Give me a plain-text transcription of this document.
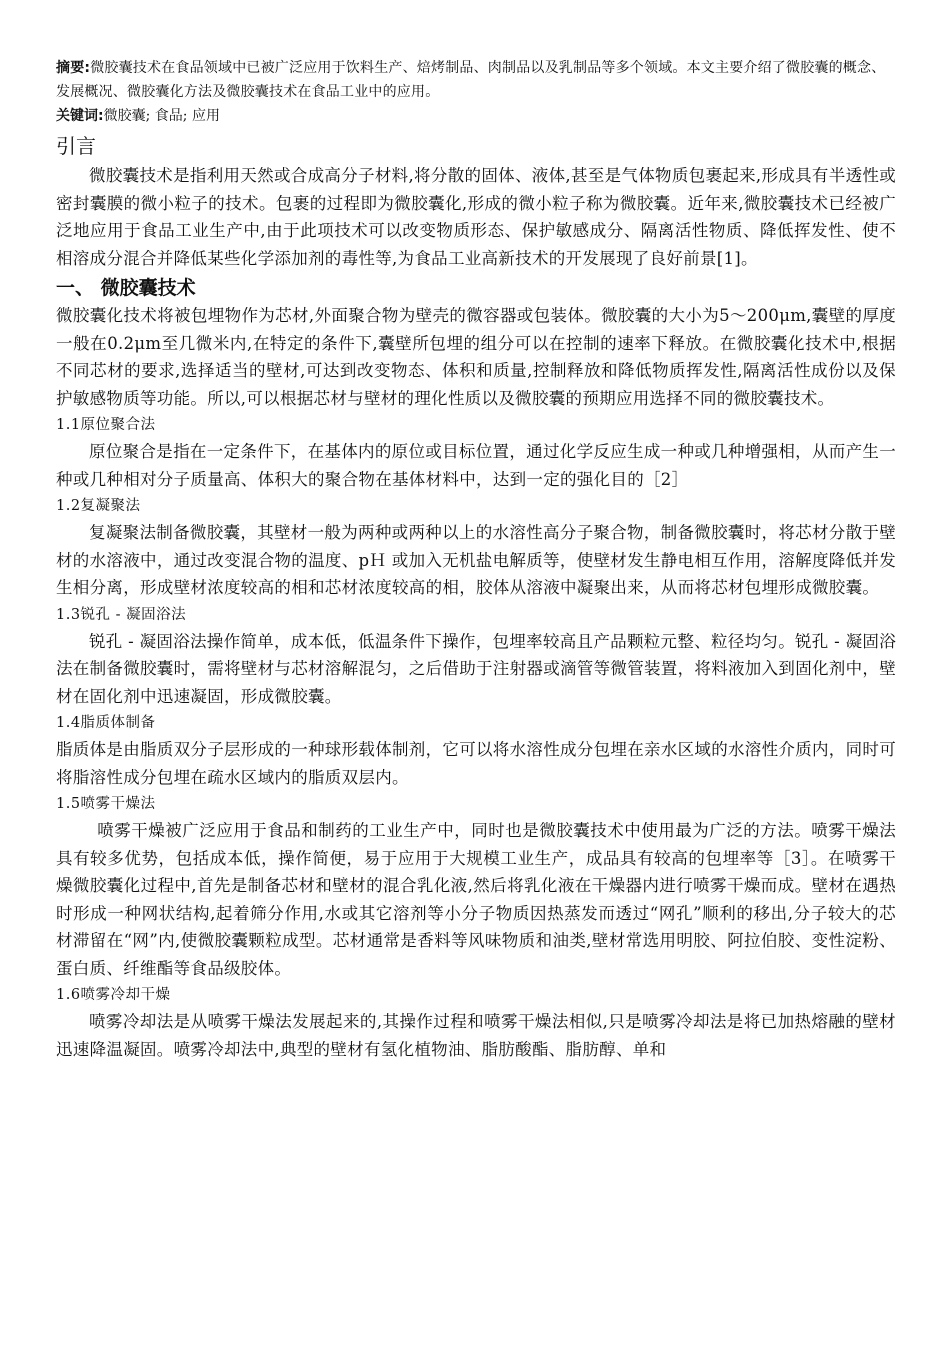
摘要:微胶囊技术在食品领域中已被广泛应用于饮料生产、焙烤制品、肉制品以及乳制品等多个领域。本文主要介绍了微胶囊的概念、发展概况、微胶囊化方法及微胶囊技术在食品工业中的应用。

关键词:微胶囊; 食品; 应用

引言

微胶囊技术是指利用天然或合成高分子材料,将分散的固体、液体,甚至是气体物质包裹起来,形成具有半透性或密封囊膜的微小粒子的技术。包裹的过程即为微胶囊化,形成的微小粒子称为微胶囊。近年来,微胶囊技术已经被广泛地应用于食品工业生产中,由于此项技术可以改变物质形态、保护敏感成分、隔离活性物质、降低挥发性、使不相溶成分混合并降低某些化学添加剂的毒性等,为食品工业高新技术的开发展现了良好前景[1]。

一、 微胶囊技术

微胶囊化技术将被包埋物作为芯材,外面聚合物为壁壳的微容器或包装体。微胶囊的大小为5～200μm,囊壁的厚度一般在0.2μm至几微米内,在特定的条件下,囊壁所包埋的组分可以在控制的速率下释放。在微胶囊化技术中,根据不同芯材的要求,选择适当的壁材,可达到改变物态、体积和质量,控制释放和降低物质挥发性,隔离活性成份以及保护敏感物质等功能。所以,可以根据芯材与壁材的理化性质以及微胶囊的预期应用选择不同的微胶囊技术。

1.1原位聚合法

原位聚合是指在一定条件下，在基体内的原位或目标位置，通过化学反应生成一种或几种增强相，从而产生一种或几种相对分子质量高、体积大的聚合物在基体材料中，达到一定的强化目的［2］

1.2复凝聚法

复凝聚法制备微胶囊，其壁材一般为两种或两种以上的水溶性高分子聚合物，制备微胶囊时，将芯材分散于壁材的水溶液中，通过改变混合物的温度、pＨ 或加入无机盐电解质等，使壁材发生静电相互作用，溶解度降低并发生相分离，形成壁材浓度较高的相和芯材浓度较高的相，胶体从溶液中凝聚出来，从而将芯材包埋形成微胶囊。

1.3锐孔 - 凝固浴法

锐孔 - 凝固浴法操作简单，成本低，低温条件下操作，包埋率较高且产品颗粒元整、粒径均匀。锐孔 - 凝固浴法在制备微胶囊时，需将壁材与芯材溶解混匀，之后借助于注射器或滴管等微管装置，将料液加入到固化剂中，壁材在固化剂中迅速凝固，形成微胶囊。

1.4脂质体制备

脂质体是由脂质双分子层形成的一种球形载体制剂，它可以将水溶性成分包埋在亲水区域的水溶性介质内，同时可将脂溶性成分包埋在疏水区域内的脂质双层内。

1.5喷雾干燥法

喷雾干燥被广泛应用于食品和制药的工业生产中，同时也是微胶囊技术中使用最为广泛的方法。喷雾干燥法具有较多优势，包括成本低，操作简便，易于应用于大规模工业生产，成品具有较高的包埋率等［3］。在喷雾干燥微胶囊化过程中,首先是制备芯材和壁材的混合乳化液,然后将乳化液在干燥器内进行喷雾干燥而成。壁材在遇热时形成一种网状结构,起着筛分作用,水或其它溶剂等小分子物质因热蒸发而透过“网孔”顺利的移出,分子较大的芯材滞留在“网”内,使微胶囊颗粒成型。芯材通常是香料等风味物质和油类,壁材常选用明胶、阿拉伯胶、变性淀粉、蛋白质、纤维酯等食品级胶体。

1.6喷雾冷却干燥

喷雾冷却法是从喷雾干燥法发展起来的,其操作过程和喷雾干燥法相似,只是喷雾冷却法是将已加热熔融的壁材迅速降温凝固。喷雾冷却法中,典型的壁材有氢化植物油、脂肪酸酯、脂肪醇、单和
